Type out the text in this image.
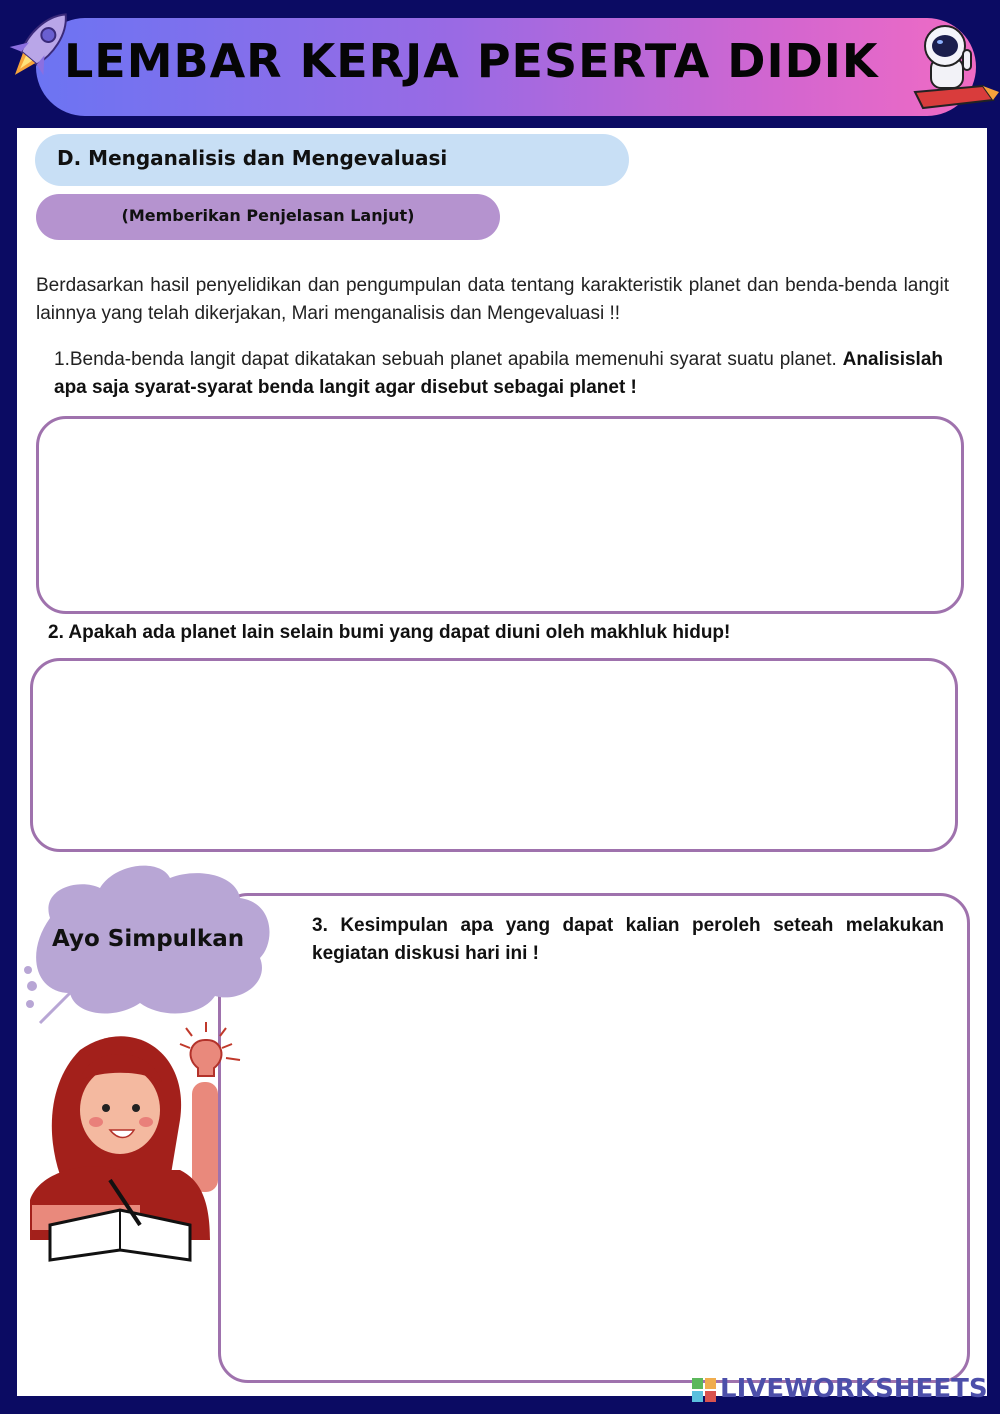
LEMBAR KERJA PESERTA DIDIK
D. Menganalisis dan Mengevaluasi
(Memberikan Penjelasan Lanjut)
Berdasarkan hasil penyelidikan dan pengumpulan data tentang karakteristik planet dan benda-benda langit lainnya yang telah dikerjakan, Mari menganalisis dan Mengevaluasi !!
1.Benda-benda langit dapat dikatakan sebuah planet apabila memenuhi syarat suatu planet. Analisislah apa saja syarat-syarat benda langit agar disebut sebagai planet !
2. Apakah ada planet lain selain bumi yang dapat diuni oleh makhluk hidup!
3. Kesimpulan apa yang dapat kalian peroleh seteah melakukan kegiatan diskusi hari ini !
Ayo Simpulkan
LIVEWORKSHEETS
